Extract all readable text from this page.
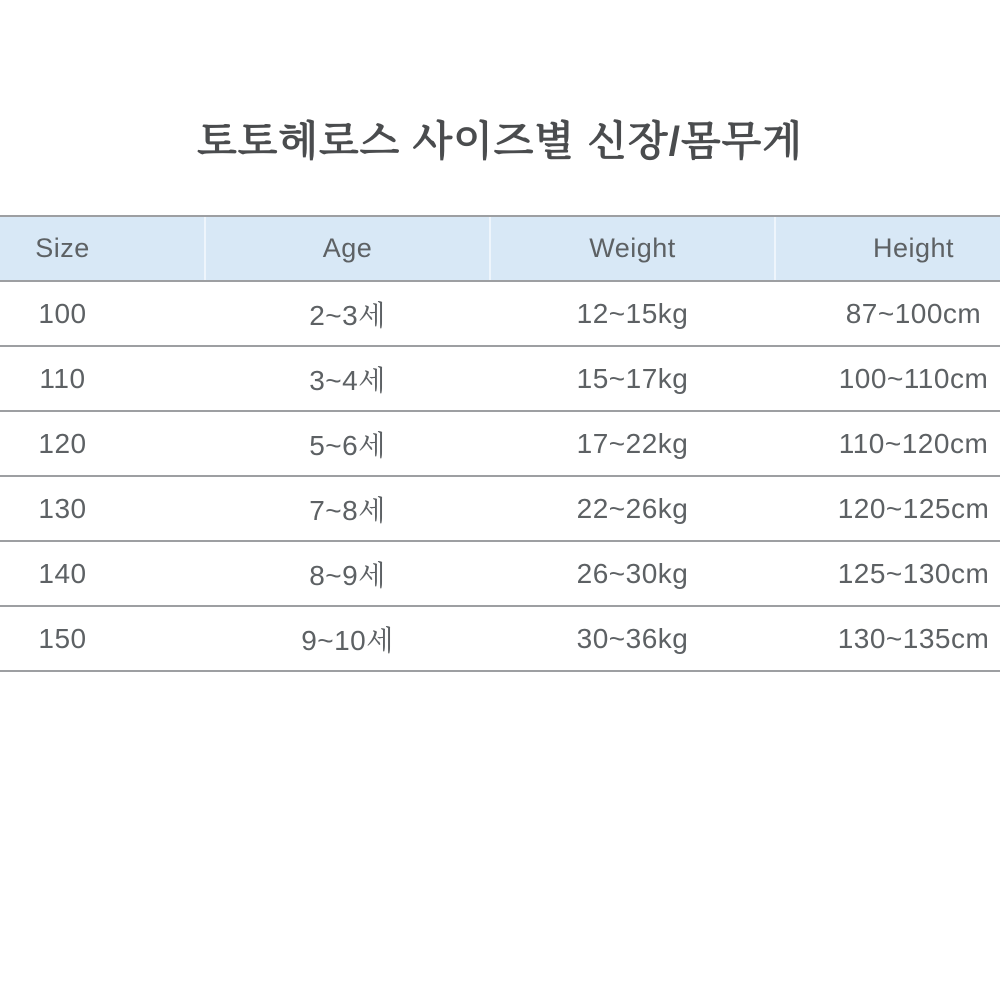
토토헤로스 사이즈별 신장/몸무게
Size	Age	Weight	Height
100	2~3세	12~15kg	87~100cm
110	3~4세	15~17kg	100~110cm
120	5~6세	17~22kg	110~120cm
130	7~8세	22~26kg	120~125cm
140	8~9세	26~30kg	125~130cm
150	9~10세	30~36kg	130~135cm
